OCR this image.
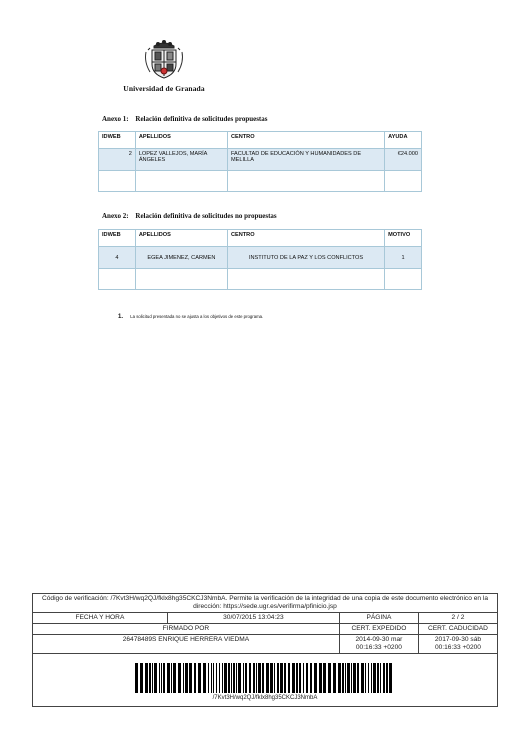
Universidad de Granada
Anexo 1: Relación definitiva de solicitudes propuestas
IDWEB	APELLIDOS	CENTRO	AYUDA
2	LOPEZ VALLEJOS, MARÍA ÁNGELES	FACULTAD DE EDUCACIÓN Y HUMANIDADES DE MELILLA	€24.000

Anexo 2: Relación definitiva de solicitudes no propuestas
IDWEB	APELLIDOS	CENTRO	MOTIVO
4	EGEA JIMENEZ, CARMEN	INSTITUTO DE LA PAZ Y LOS CONFLICTOS	1

1. La solicitud presentada no se ajusta a los objetivos de este programa.
Código de verificación: /7Kvt3H/wq2QJ/fklx8hg35CKCJ3NmbA. Permite la verificación de la integridad de una copia de este documento electrónico en la dirección: https://sede.ugr.es/verifirma/pfinicio.jsp			
FECHA Y HORA	30/07/2015 13:04:23	PÁGINA	2 / 2
FIRMADO POR		CERT. EXPEDIDO	CERT. CADUCIDAD
26478489S ENRIQUE HERRERA VIEDMA		2014-09-30 mar 00:16:33 +0200	2017-09-30 sáb 00:16:33 +0200

/7Kvt3H/wq2QJ/fklx8hg35CKCJ3NmbA			
